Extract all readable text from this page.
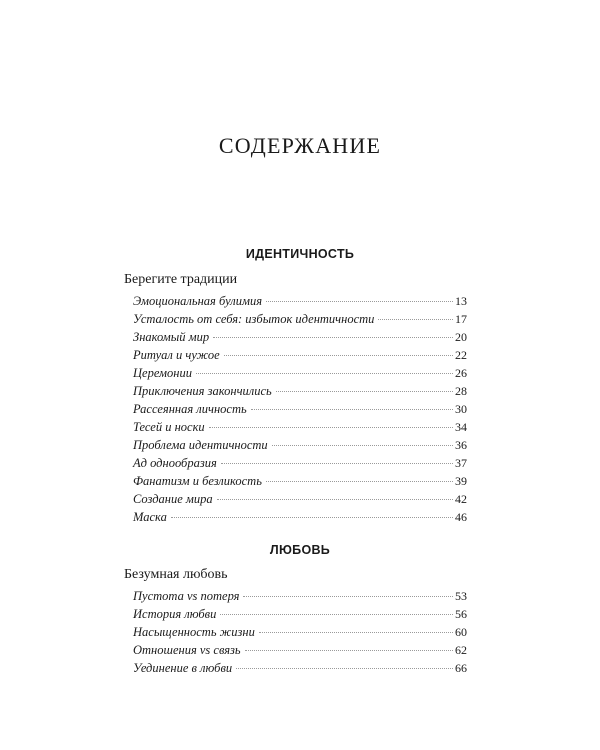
СОДЕРЖАНИЕ
ИДЕНТИЧНОСТЬ
Берегите традиции
Эмоциональная булимия	13
Усталость от себя: избыток идентичности	17
Знакомый мир	20
Ритуал и чужое	22
Церемонии	26
Приключения закончились	28
Рассеянная личность	30
Тесей и носки	34
Проблема идентичности	36
Ад однообразия	37
Фанатизм и безликость	39
Создание мира	42
Маска	46
ЛЮБОВЬ
Безумная любовь
Пустота vs потеря	53
История любви	56
Насыщенность жизни	60
Отношения vs связь	62
Уединение в любви	66
